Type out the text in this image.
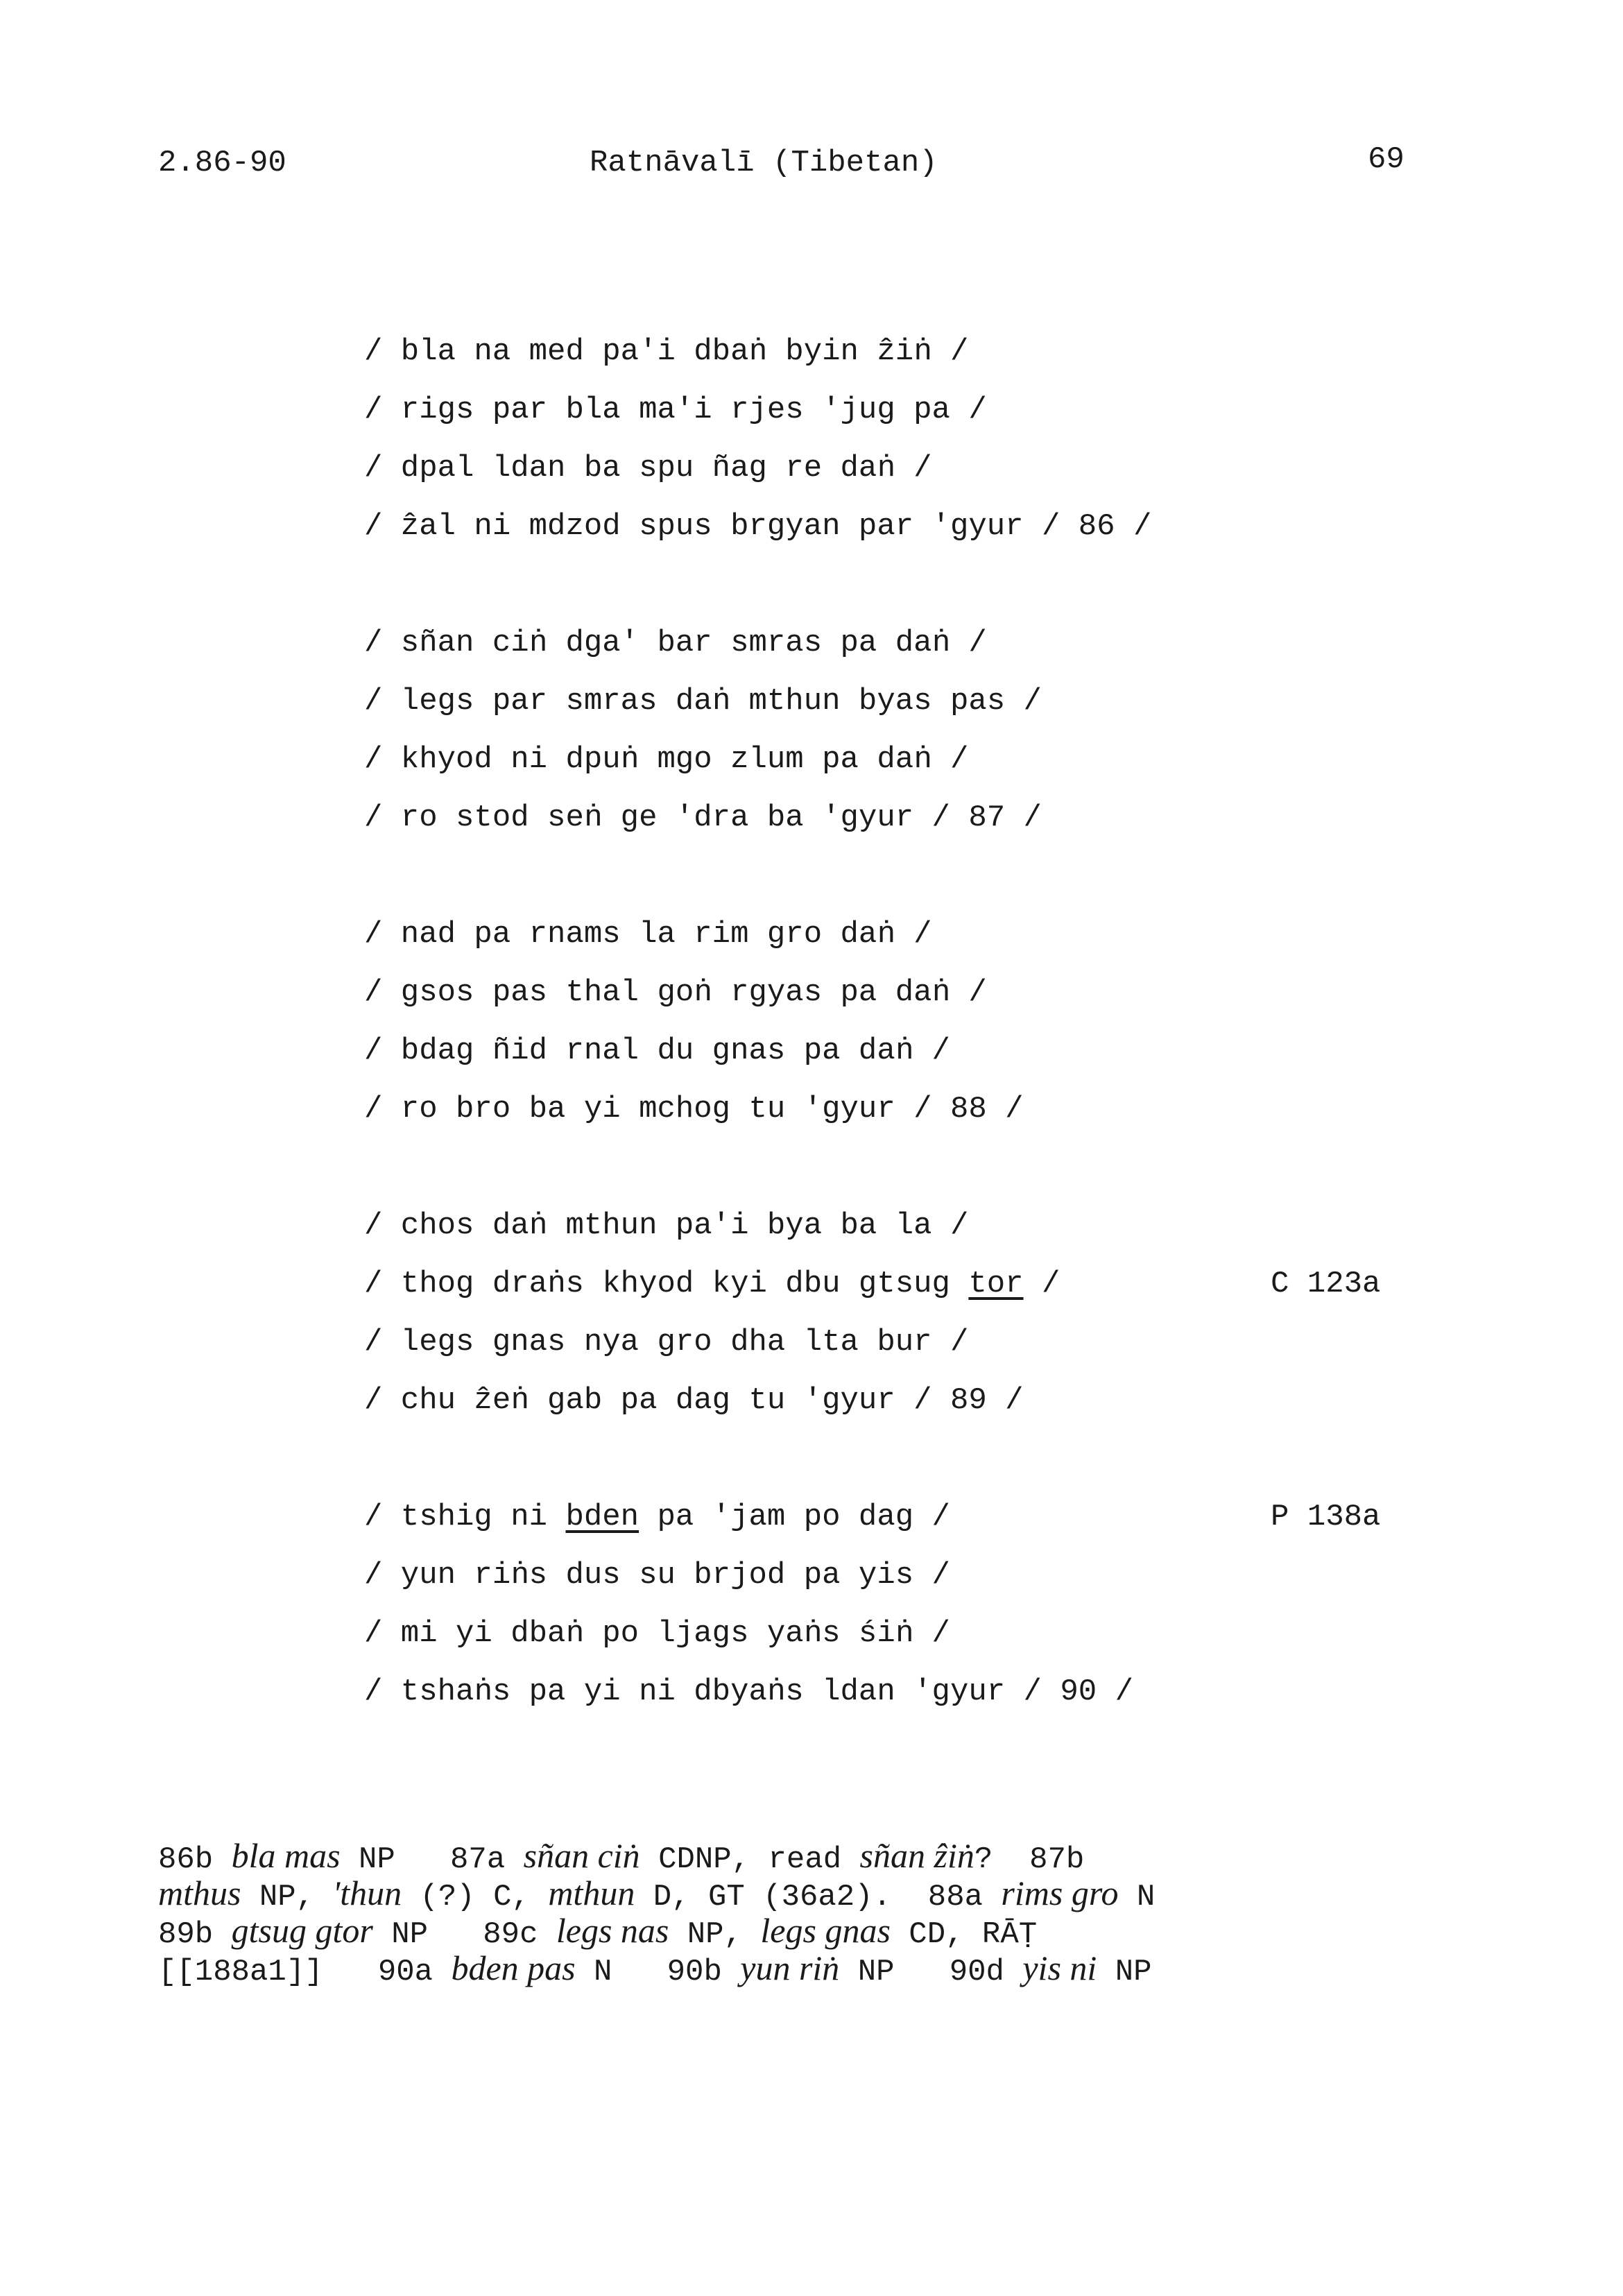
2.86-90	Ratnāvalī (Tibetan)	69
/ bla na med pa'i dbaṅ byin ẑiṅ /
/ rigs par bla ma'i rjes 'jug pa /
/ dpal ldan ba spu ñag re daṅ /
/ ẑal ni mdzod spus brgyan par 'gyur / 86 /
/ sñan ciṅ dga' bar smras pa daṅ /
/ legs par smras daṅ mthun byas pas /
/ khyod ni dpuṅ mgo zlum pa daṅ /
/ ro stod seṅ ge 'dra ba 'gyur / 87 /
/ nad pa rnams la rim gro daṅ /
/ gsos pas thal goṅ rgyas pa daṅ /
/ bdag ñid rnal du gnas pa daṅ /
/ ro bro ba yi mchog tu 'gyur / 88 /
/ chos daṅ mthun pa'i bya ba la /
/ thog draṅs khyod kyi dbu gtsug tor /	C 123a
/ legs gnas nya gro dha lta bur /
/ chu ẑeṅ gab pa dag tu 'gyur / 89 /
/ tshig ni bden pa 'jam po dag /	P 138a
/ yun riṅs dus su brjod pa yis /
/ mi yi dbaṅ po ljags yaṅs śiṅ /
/ tshaṅs pa yi ni dbyaṅs ldan 'gyur / 90 /
86b bla mas NP   87a sñan ciṅ CDNP, read sñan ẑiṅ?  87b
mthus NP, 'thun (?) C, mthun D, GT (36a2).  88a rims gro N
89b gtsug gtor NP   89c legs nas NP, legs gnas CD, RĀṬ
[[188a1]]   90a bden pas N   90b yun riṅ NP   90d yis ni NP
